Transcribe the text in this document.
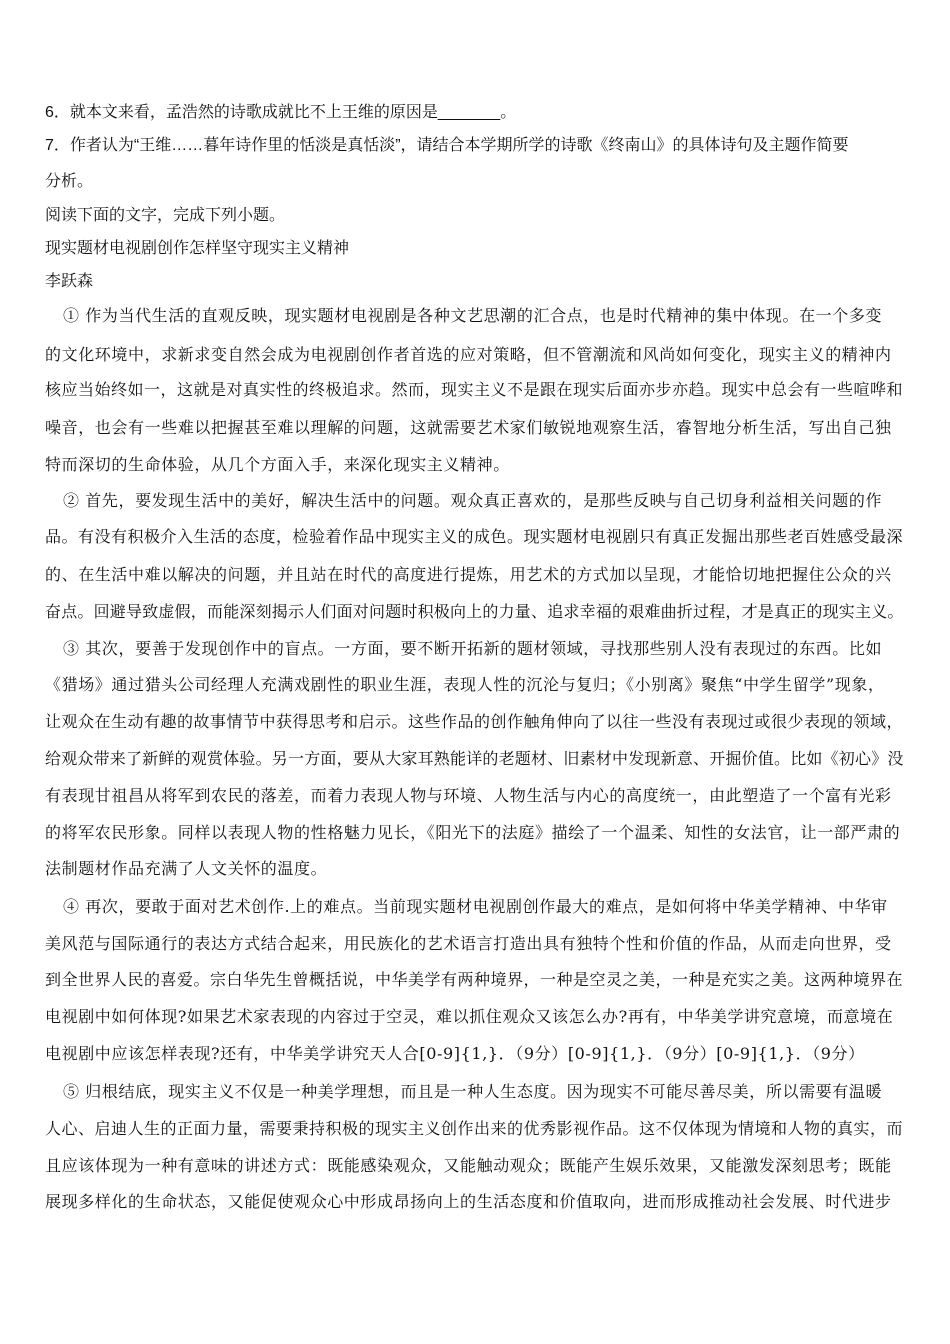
6．就本文来看，孟浩然的诗歌成就比不上王维的原因是_______。
7．作者认为“王维……暮年诗作里的恬淡是真恬淡”，请结合本学期所学的诗歌《终南山》的具体诗句及主题作简要
分析。
阅读下面的文字，完成下列小题。
现实题材电视剧创作怎样坚守现实主义精神
李跃森
① 作为当代生活的直观反映，现实题材电视剧是各种文艺思潮的汇合点，也是时代精神的集中体现。在一个多变
的文化环境中，求新求变自然会成为电视剧创作者首选的应对策略，但不管潮流和风尚如何变化，现实主义的精神内
核应当始终如一，这就是对真实性的终极追求。然而，现实主义不是跟在现实后面亦步亦趋。现实中总会有一些喧哗和
噪音，也会有一些难以把握甚至难以理解的问题，这就需要艺术家们敏锐地观察生活，睿智地分析生活，写出自己独
特而深切的生命体验，从几个方面入手，来深化现实主义精神。
② 首先，要发现生活中的美好，解决生活中的问题。观众真正喜欢的，是那些反映与自己切身利益相关问题的作
品。有没有积极介入生活的态度，检验着作品中现实主义的成色。现实题材电视剧只有真正发掘出那些老百姓感受最深
的、在生活中难以解决的问题，并且站在时代的高度进行提炼，用艺术的方式加以呈现，才能恰切地把握住公众的兴
奋点。回避导致虚假，而能深刻揭示人们面对问题时积极向上的力量、追求幸福的艰难曲折过程，才是真正的现实主义。
③ 其次，要善于发现创作中的盲点。一方面，要不断开拓新的题材领域，寻找那些别人没有表现过的东西。比如
《猎场》通过猎头公司经理人充满戏剧性的职业生涯，表现人性的沉沦与复归；《小别离》聚焦“中学生留学”现象，
让观众在生动有趣的故事情节中获得思考和启示。这些作品的创作触角伸向了以往一些没有表现过或很少表现的领域，
给观众带来了新鲜的观赏体验。另一方面，要从大家耳熟能详的老题材、旧素材中发现新意、开掘价值。比如《初心》没
有表现甘祖昌从将军到农民的落差，而着力表现人物与环境、人物生活与内心的高度统一，由此塑造了一个富有光彩
的将军农民形象。同样以表现人物的性格魅力见长，《阳光下的法庭》描绘了一个温柔、知性的女法官，让一部严肃的
法制题材作品充满了人文关怀的温度。
④ 再次，要敢于面对艺术创作.上的难点。当前现实题材电视剧创作最大的难点，是如何将中华美学精神、中华审
美风范与国际通行的表达方式结合起来，用民族化的艺术语言打造出具有独特个性和价值的作品，从而走向世界，受
到全世界人民的喜爱。宗白华先生曾概括说，中华美学有两种境界，一种是空灵之美，一种是充实之美。这两种境界在
电视剧中如何体现?如果艺术家表现的内容过于空灵，难以抓住观众又该怎么办?再有，中华美学讲究意境，而意境在
电视剧中应该怎样表现?还有，中华美学讲究天人合[0-9]{1,}．（9分）[0-9]{1,}．（9分）[0-9]{1,}．（9分）
⑤ 归根结底，现实主义不仅是一种美学理想，而且是一种人生态度。因为现实不可能尽善尽美，所以需要有温暖
人心、启迪人生的正面力量，需要秉持积极的现实主义创作出来的优秀影视作品。这不仅体现为情境和人物的真实，而
且应该体现为一种有意味的讲述方式：既能感染观众，又能触动观众；既能产生娱乐效果，又能激发深刻思考；既能
展现多样化的生命状态，又能促使观众心中形成昂扬向上的生活态度和价值取向，进而形成推动社会发展、时代进步
